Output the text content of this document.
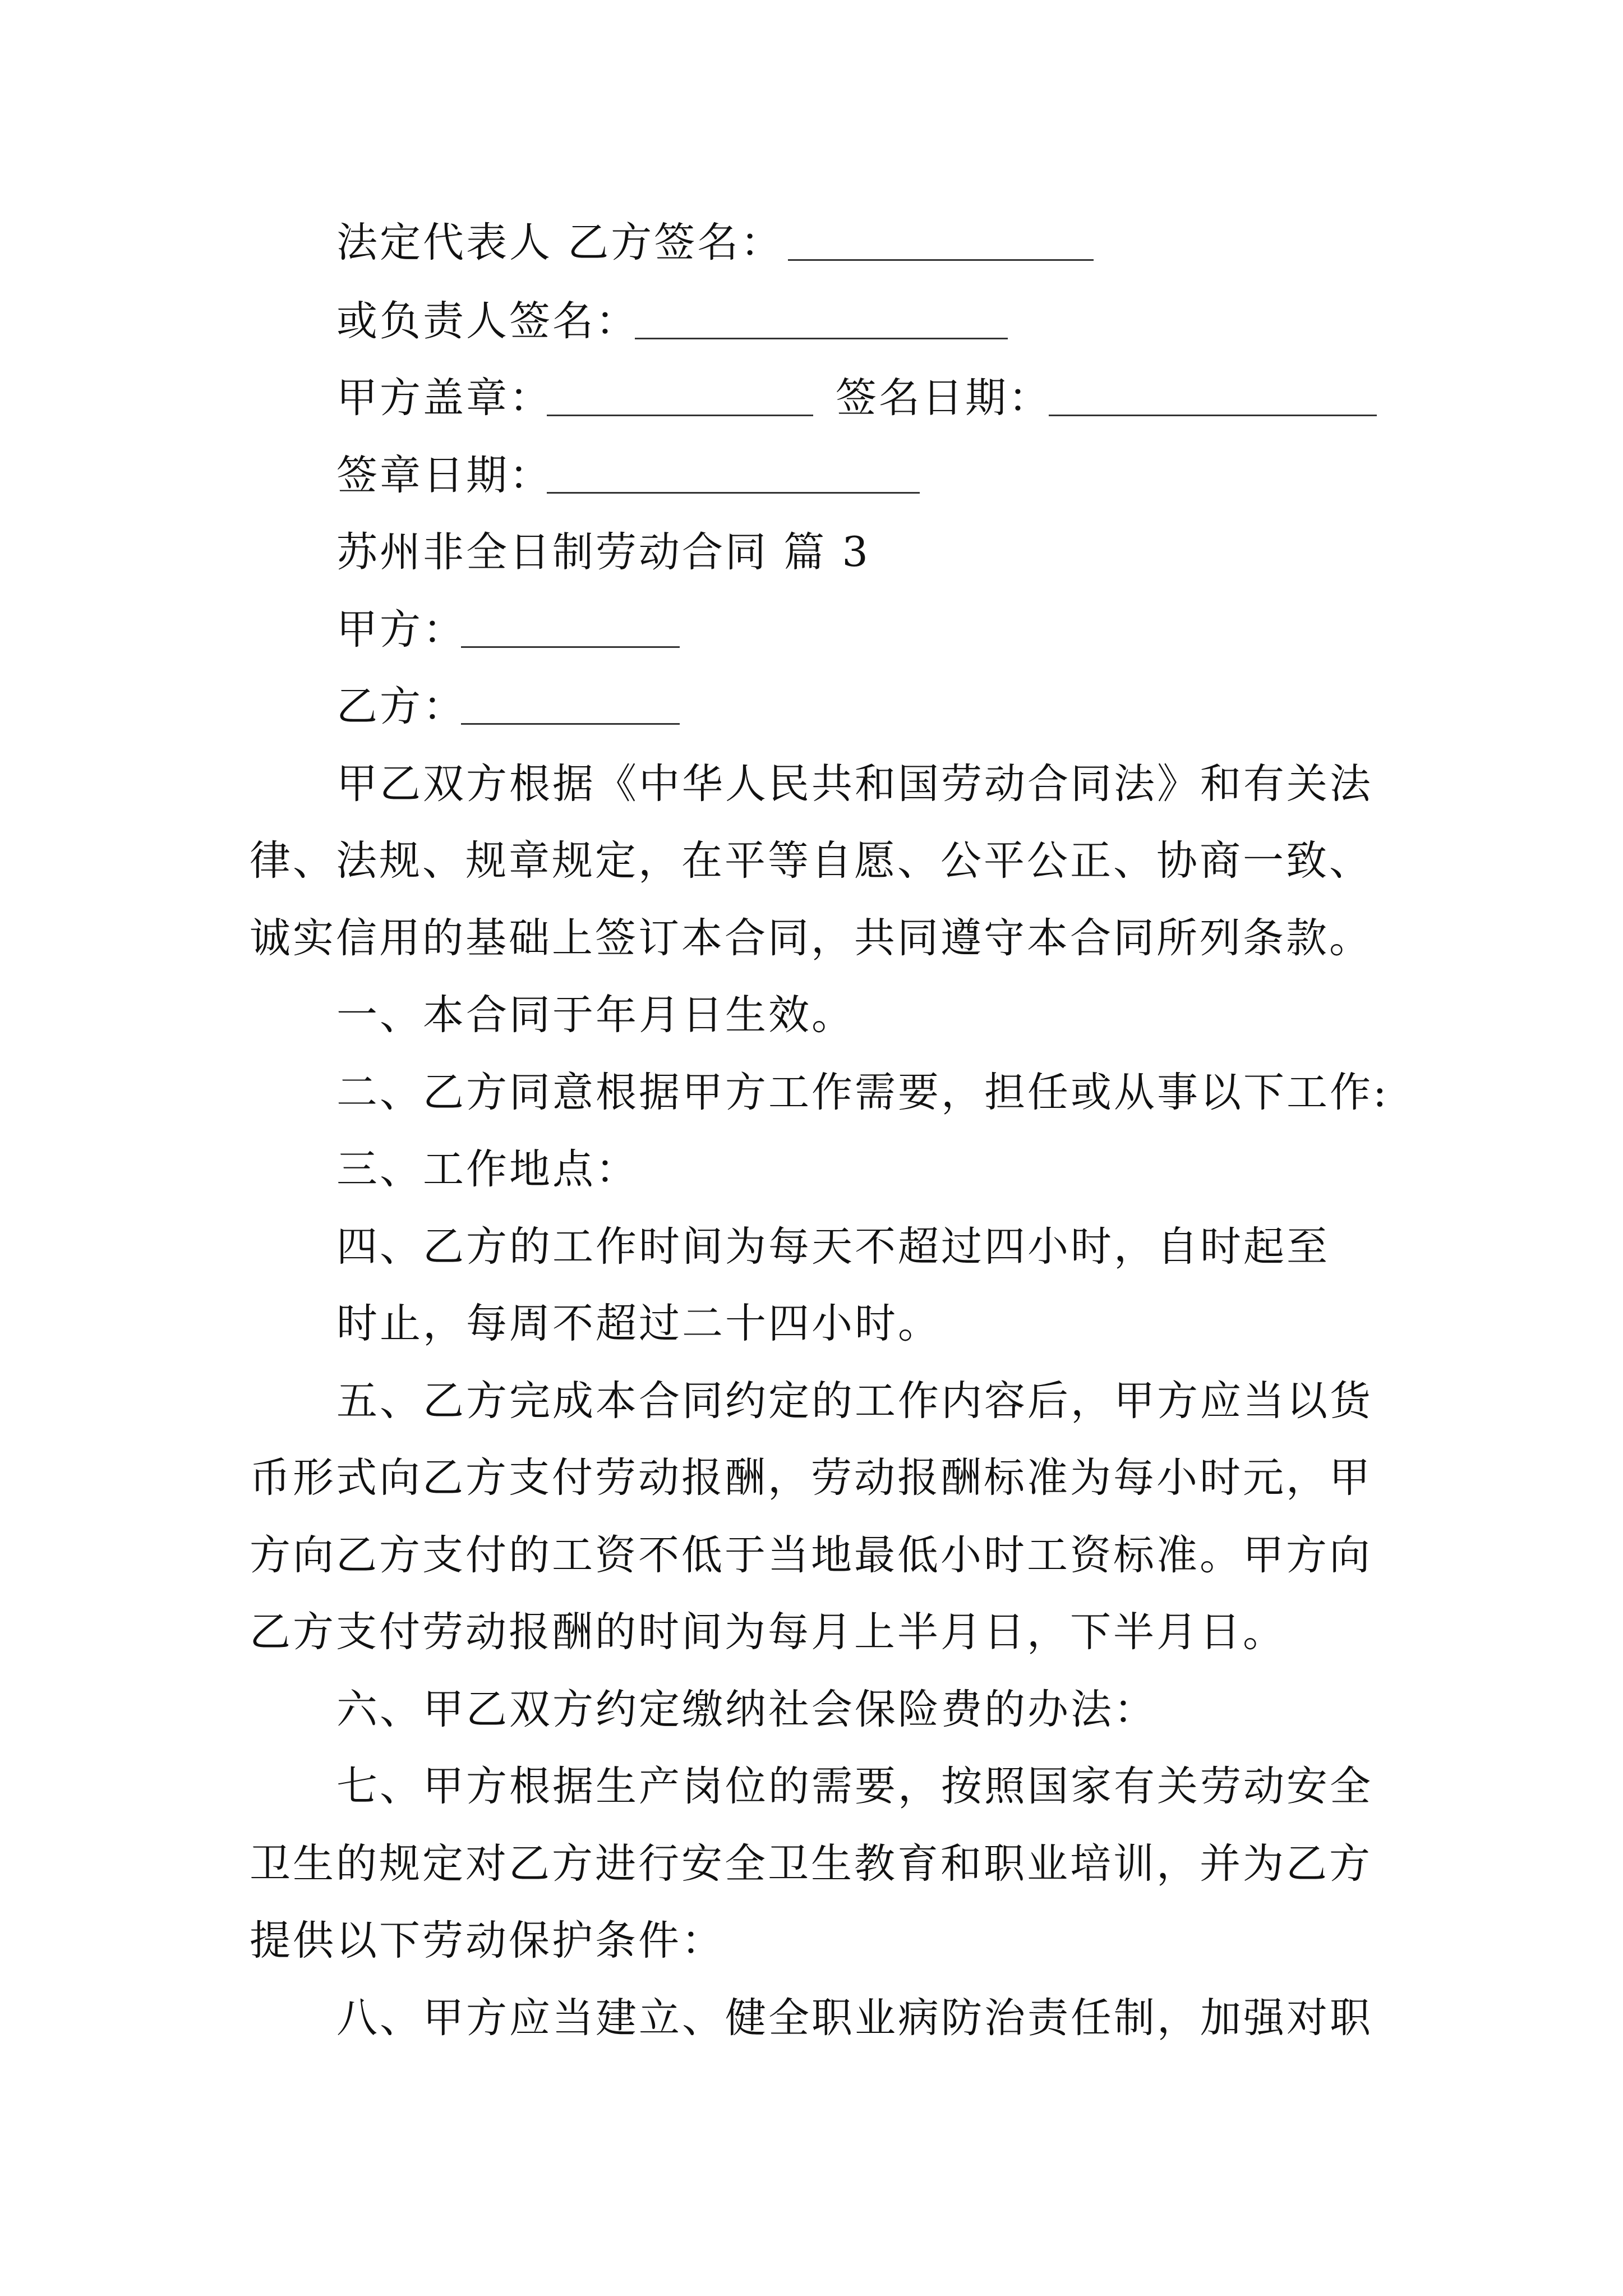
法定代表人 乙方签名：
或负责人签名：
甲方盖章：	签名日期：
签章日期：
苏州非全日制劳动合同 篇 3
甲方：
乙方：
甲乙双方根据《中华人民共和国劳动合同法》和有关法
律、法规、规章规定，在平等自愿、公平公正、协商一致、
诚实信用的基础上签订本合同，共同遵守本合同所列条款。
一、本合同于年月日生效。
二、乙方同意根据甲方工作需要，担任或从事以下工作:
三、工作地点：
四、乙方的工作时间为每天不超过四小时，自时起至
时止，每周不超过二十四小时。
五、乙方完成本合同约定的工作内容后，甲方应当以货
币形式向乙方支付劳动报酬，劳动报酬标准为每小时元，甲
方向乙方支付的工资不低于当地最低小时工资标准。甲方向
乙方支付劳动报酬的时间为每月上半月日，下半月日。
六、甲乙双方约定缴纳社会保险费的办法：
七、甲方根据生产岗位的需要，按照国家有关劳动安全
卫生的规定对乙方进行安全卫生教育和职业培训，并为乙方
提供以下劳动保护条件：
八、甲方应当建立、健全职业病防治责任制，加强对职
